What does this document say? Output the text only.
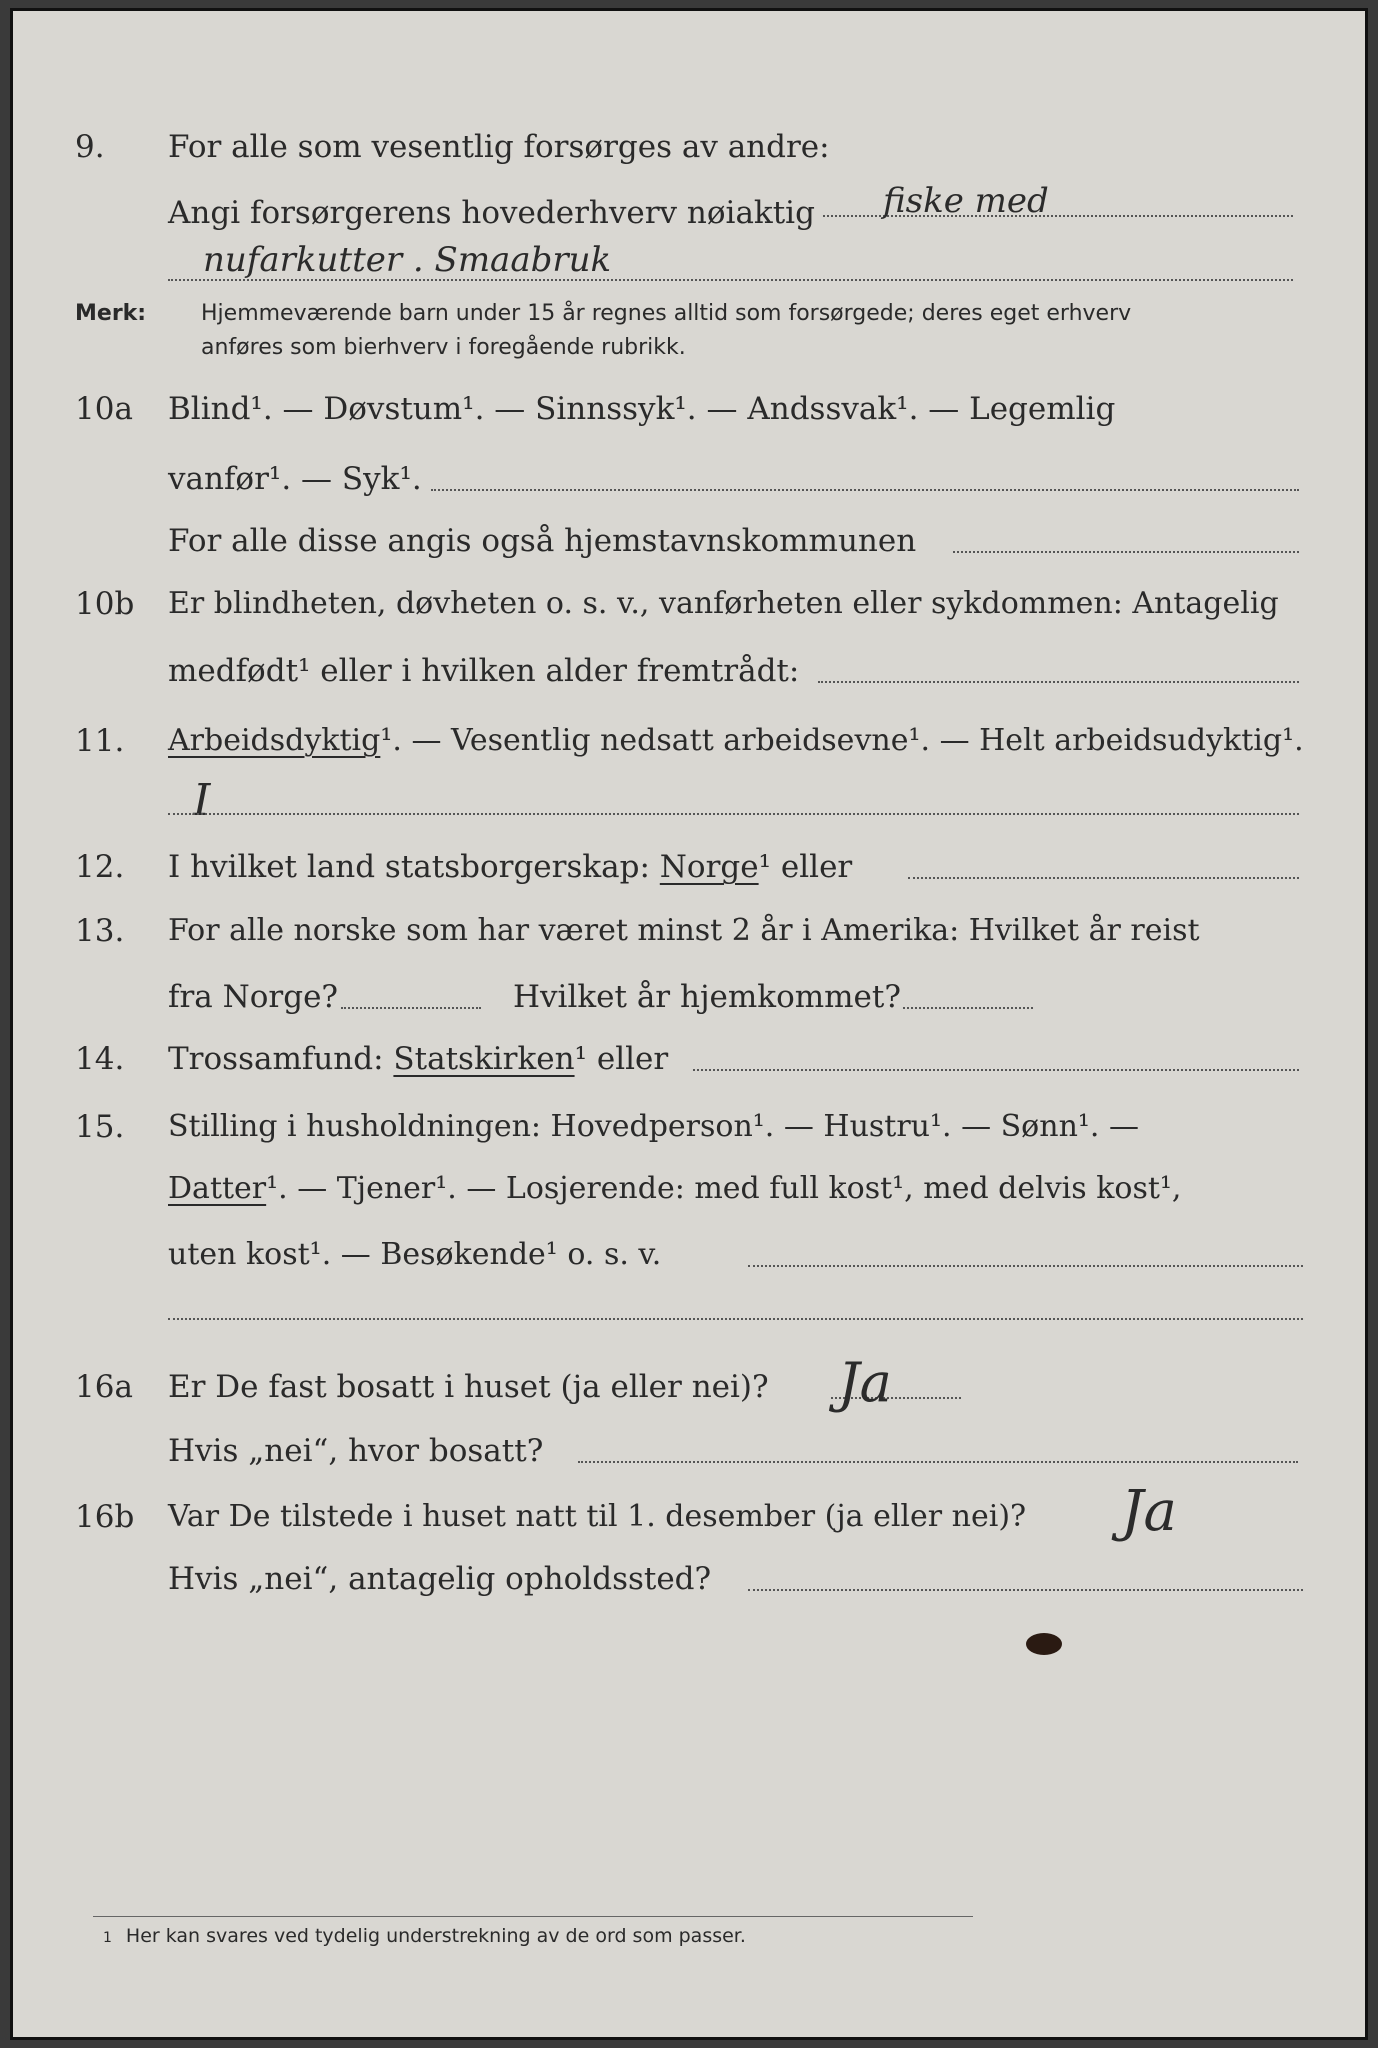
9. For alle som vesentlig forsørges av andre:
Angi forsørgerens hovederhverv nøiaktig fiske med
nufarkutter . Smaabruk
Merk: Hjemmeværende barn under 15 år regnes alltid som forsørgede; deres eget erhverv
anføres som bierhverv i foregående rubrikk.
10a Blind¹. — Døvstum¹. — Sinnssyk¹. — Andssvak¹. — Legemlig
vanfør¹. — Syk¹.
For alle disse angis også hjemstavnskommunen
10b Er blindheten, døvheten o. s. v., vanførheten eller sykdommen: Antagelig
medfødt¹ eller i hvilken alder fremtrådt:
11. Arbeidsdyktig¹. — Vesentlig nedsatt arbeidsevne¹. — Helt arbeidsudyktig¹.
I
12. I hvilket land statsborgerskap: Norge¹ eller
13. For alle norske som har været minst 2 år i Amerika: Hvilket år reist
fra Norge?	Hvilket år hjemkommet?
14. Trossamfund: Statskirken¹ eller
15. Stilling i husholdningen: Hovedperson¹. — Hustru¹. — Sønn¹. —
Datter¹. — Tjener¹. — Losjerende: med full kost¹, med delvis kost¹,
uten kost¹. — Besøkende¹ o. s. v.
16a Er De fast bosatt i huset (ja eller nei)? Ja
Hvis „nei“, hvor bosatt?
16b Var De tilstede i huset natt til 1. desember (ja eller nei)? Ja
Hvis „nei“, antagelig opholdssted?
1 Her kan svares ved tydelig understrekning av de ord som passer.
